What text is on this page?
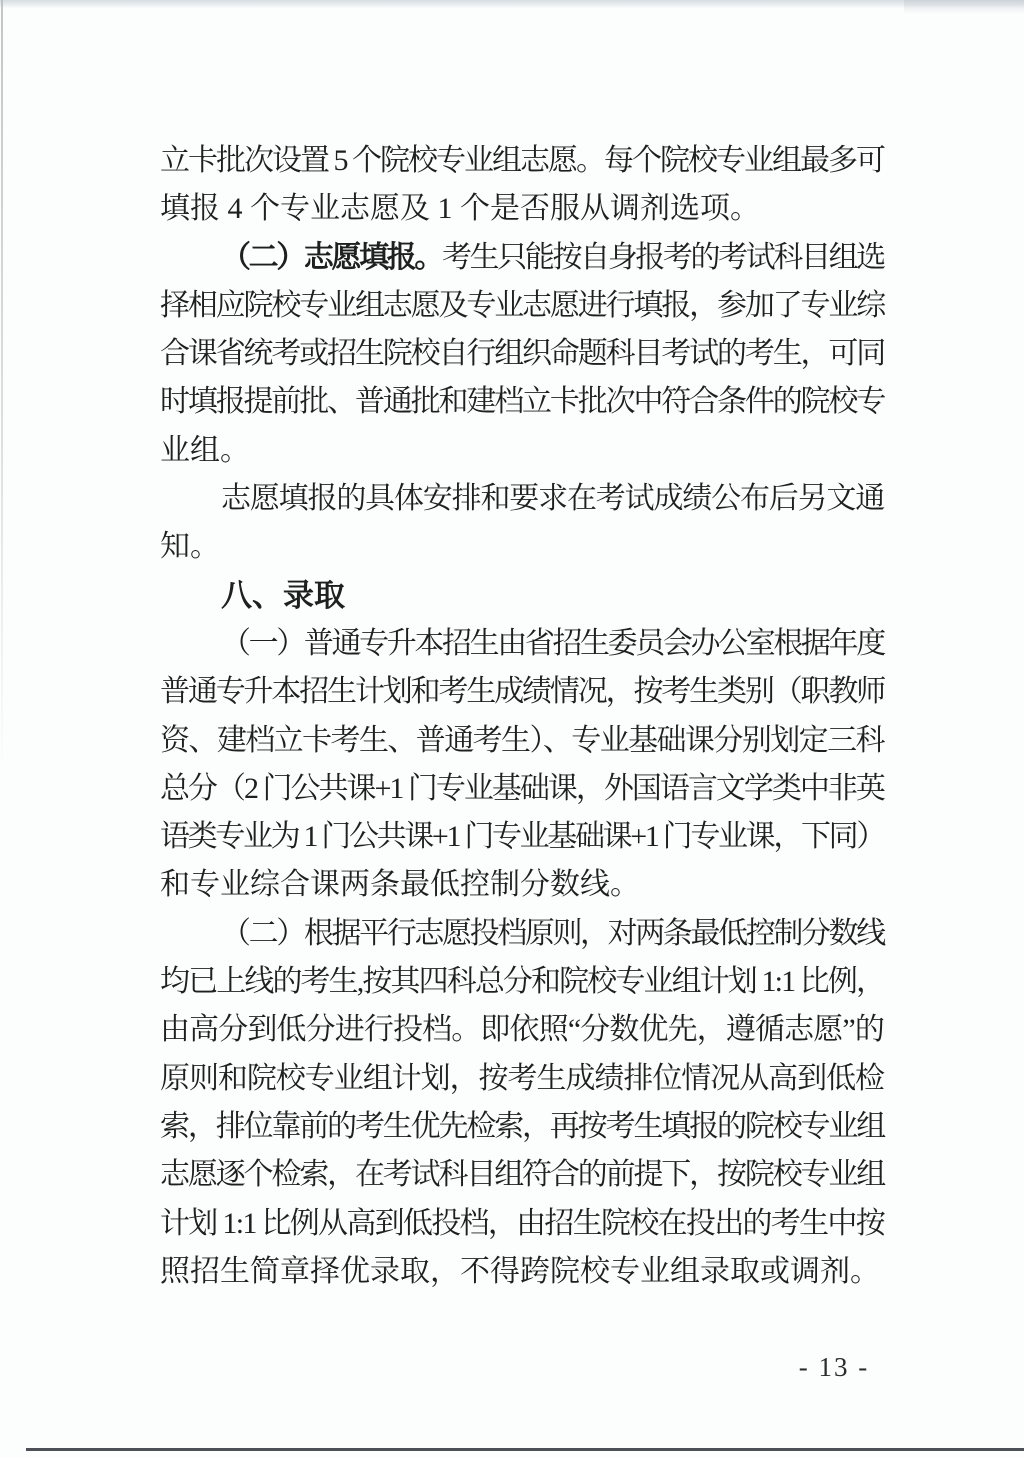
立卡批次设置 5 个院校专业组志愿。每个院校专业组最多可
填报 4 个专业志愿及 1 个是否服从调剂选项。
（二）志愿填报。考生只能按自身报考的考试科目组选
择相应院校专业组志愿及专业志愿进行填报，参加了专业综
合课省统考或招生院校自行组织命题科目考试的考生，可同
时填报提前批、普通批和建档立卡批次中符合条件的院校专
业组。
志愿填报的具体安排和要求在考试成绩公布后另文通
知。
八、录取
（一）普通专升本招生由省招生委员会办公室根据年度
普通专升本招生计划和考生成绩情况，按考生类别（职教师
资、建档立卡考生、普通考生）、专业基础课分别划定三科
总分（2 门公共课+1 门专业基础课，外国语言文学类中非英
语类专业为 1 门公共课+1 门专业基础课+1 门专业课，下同）
和专业综合课两条最低控制分数线。
（二）根据平行志愿投档原则，对两条最低控制分数线
均已上线的考生,按其四科总分和院校专业组计划 1:1 比例，
由高分到低分进行投档。即依照“分数优先，遵循志愿”的
原则和院校专业组计划，按考生成绩排位情况从高到低检
索，排位靠前的考生优先检索，再按考生填报的院校专业组
志愿逐个检索，在考试科目组符合的前提下，按院校专业组
计划 1:1 比例从高到低投档，由招生院校在投出的考生中按
照招生简章择优录取，不得跨院校专业组录取或调剂。
- 13 -
